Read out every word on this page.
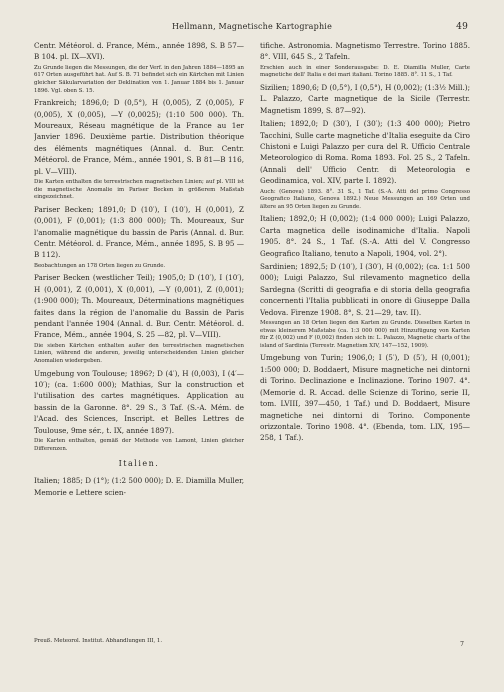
Hellmann, Magnetische Kartographie	49

Centr. Météorol. d. France, Mém., année 1898, S. B 57—B 104. pl. IX—XVI).

Zu Grunde liegen die Messungen, die der Verf. in den Jahren 1884—1895 an 617 Orten ausgeführt hat. Auf S. B. 71 befindet sich ein Kärtchen mit Linien gleicher Säkularvariation der Deklination von 1. Januar 1884 bis 1. Januar 1896. Vgl. oben S. 15.

Frankreich; 1896,0; D (0,5°), H (0,005), Z (0,005), F (0,005), X (0,005), —Y (0,0025); (1:10 500 000). Th. Moureaux, Réseau magnétique de la France au 1er Janvier 1896. Deuxième partie. Distribution théorique des éléments magnétiques (Annal. d. Bur. Centr. Météorol. de France, Mém., année 1901, S. B 81—B 116, pl. V—VIII).

Die Karten enthalten die terrestrischen magnetischen Linien; auf pl. VIII ist die magnetische Anomalie im Pariser Becken in größerem Maßstab eingezeichnet.

Pariser Becken; 1891,0; D (10′), I (10′), H (0,001), Z (0,001), F (0,001); (1:3 800 000); Th. Moureaux, Sur l'anomalie magnétique du bassin de Paris (Annal. d. Bur. Centr. Météorol. d. France, Mém., année 1895, S. B 95 — B 112).

Beobachtungen an 178 Orten liegen zu Grunde.

Pariser Becken (westlicher Teil); 1905,0; D (10′), I (10′), H (0,001), Z (0,001), X (0,001), —Y (0,001), Z (0,001); (1:900 000); Th. Moureaux, Déterminations magnétiques faites dans la région de l'anomalie du Bassin de Paris pendant l'année 1904 (Annal. d. Bur. Centr. Météorol. d. France, Mém., année 1904, S. 25 —82, pl. V—VIII).

Die sieben Kärtchen enthalten außer den terrestrischen magnetischen Linien, während die anderen, jeweilig unterscheidenden Linien gleicher Anomalien wiedergeben.

Umgebung von Toulouse; 1896?; D (4′), H (0,003), I (4′—10′); (ca. 1:600 000); Mathias, Sur la construction et l'utilisation des cartes magnétiques. Application au bassin de la Garonne. 8°. 29 S., 3 Taf. (S.-A. Mém. de l'Acad. des Sciences, Inscript. et Belles Lettres de Toulouse, 9me sér., t. IX, année 1897).

Die Karten enthalten, gemäß der Methode von Lamont, Linien gleicher Differenzen.

Italien.

Italien; 1885; D (1°); (1:2 500 000); D. E. Diamilla Muller, Memorie e Lettere scien-

tifiche. Astronomia. Magnetismo Terrestre. Torino 1885. 8°. VIII, 645 S., 2 Tafeln.

Erschien auch in einer Sonderausgabe: D. E. Diamilla Muller, Carte magnetiche dell' Italia e dei mari italiani. Torino 1885. 8°. 11 S., 1 Taf.

Sizilien; 1890,6; D (0,5°), I (0,5°), H (0,002); (1:3½ Mill.); L. Palazzo, Carte magnetique de la Sicile (Terrestr. Magnetism 1899, S. 87—92).

Italien; 1892,0; D (30′), I (30′); (1:3 400 000); Pietro Tacchini, Sulle carte magnetiche d'Italia eseguite da Ciro Chistoni e Luigi Palazzo per cura del R. Ufficio Centrale Meteorologico di Roma. Roma 1893. Fol. 25 S., 2 Tafeln. (Annali dell' Ufficio Centr. di Meteorologia e Geodinamica, vol. XIV, parte I. 1892).

Auch: (Genova) 1893. 8°. 31 S., 1 Taf. (S.-A. Atti del primo Congresso Geografico Italiano, Genova 1892.) Neue Messungen an 169 Orten und ältere an 95 Orten liegen zu Grunde.

Italien; 1892,0; H (0,002); (1:4 000 000); Luigi Palazzo, Carta magnetica delle isodinamiche d'Italia. Napoli 1905. 8°. 24 S., 1 Taf. (S.-A. Atti del V. Congresso Geografico Italiano, tenuto a Napoli, 1904, vol. 2°).

Sardinien; 1892,5; D (10′), I (30′), H (0,002); (ca. 1:1 500 000); Luigi Palazzo, Sul rilevamento magnetico della Sardegna (Scritti di geografia e di storia della geografia concernenti l'Italia pubblicati in onore di Giuseppe Dalla Vedova. Firenze 1908. 8°, S. 21—29, tav. II).

Messungen an 18 Orten liegen den Karten zu Grunde. Dieselben Karten in etwas kleinerem Maßstabe (ca. 1:3 000 000) mit Hinzufügung von Karten für Z (0,002) und F (0,002) finden sich in: L. Palazzo, Magnetic charts of the island of Sardinia (Terrestr. Magnetism XIV, 147—152, 1909).

Umgebung von Turin; 1906,0; I (5′), D (5′), H (0,001); 1:500 000; D. Boddaert, Misure magnetiche nei dintorni di Torino. Declinazione e Inclinazione. Torino 1907. 4°. (Memorie d. R. Accad. delle Scienze di Torino, serie II, tom. LVIII, 397—450, 1 Taf.) und D. Boddaert, Misure magnetiche nei dintorni di Torino. Componente orizzontale. Torino 1908. 4°. (Ebenda, tom. LIX, 195—258, 1 Taf.).

Preuß. Meteorol. Institut. Abhandlungen III, 1.	7
